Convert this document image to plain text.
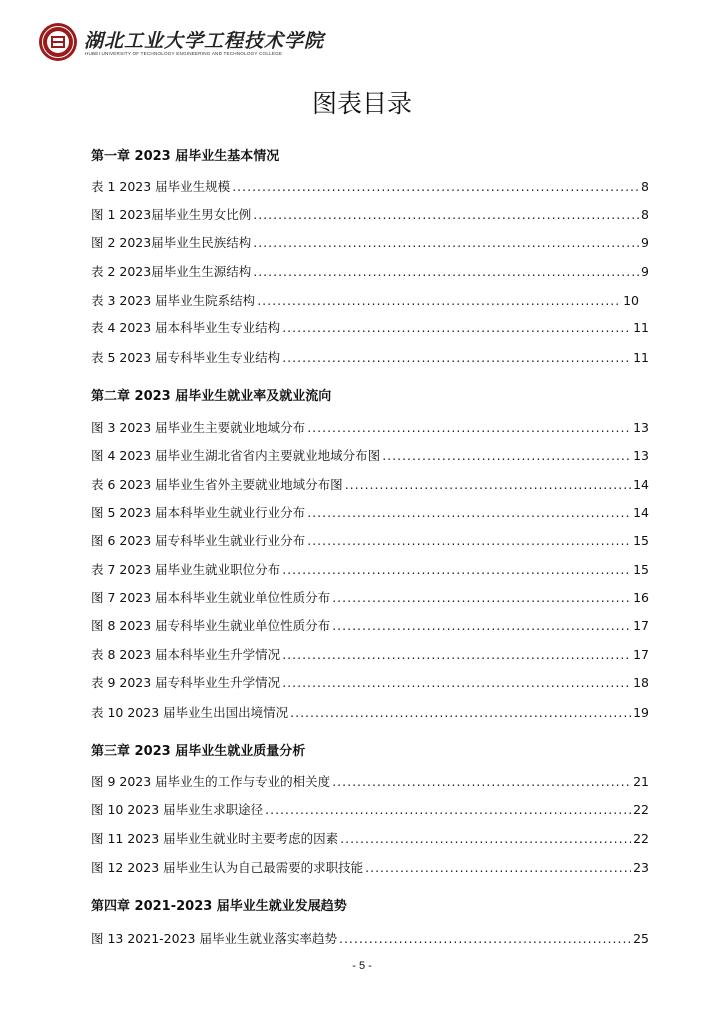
湖北工业大学工程技术学院
HUBEI UNIVERSITY OF TECHNOLOGY ENGINEERING AND TECHNOLOGY COLLEGE
图表目录
第一章 2023 届毕业生基本情况
表 1 2023 届毕业生规模 .....	8
图 1 2023届毕业生男女比例 .....	8
图 2 2023届毕业生民族结构 .....	9
表 2 2023届毕业生生源结构 .....	9
表 3 2023 届毕业生院系结构 .....	10
表 4 2023 届本科毕业生专业结构 .....	11
表 5 2023 届专科毕业生专业结构 .....	11
第二章 2023 届毕业生就业率及就业流向
图 3 2023 届毕业生主要就业地域分布 .....	13
图 4 2023 届毕业生湖北省省内主要就业地域分布图 .....	13
表 6 2023 届毕业生省外主要就业地域分布图 .....	14
图 5 2023 届本科毕业生就业行业分布 .....	14
图 6 2023 届专科毕业生就业行业分布 .....	15
表 7 2023 届毕业生就业职位分布 .....	15
图 7 2023 届本科毕业生就业单位性质分布 .....	16
图 8 2023 届专科毕业生就业单位性质分布 .....	17
表 8 2023 届本科毕业生升学情况 .....	17
表 9 2023 届专科毕业生升学情况 .....	18
表 10 2023 届毕业生出国出境情况 .....	19
第三章 2023 届毕业生就业质量分析
图 9 2023 届毕业生的工作与专业的相关度 .....	21
图 10 2023 届毕业生求职途径 .....	22
图 11 2023 届毕业生就业时主要考虑的因素 .....	22
图 12 2023 届毕业生认为自己最需要的求职技能 .....	23
第四章 2021-2023 届毕业生就业发展趋势
图 13 2021-2023 届毕业生就业落实率趋势 .....	25
- 5 -
